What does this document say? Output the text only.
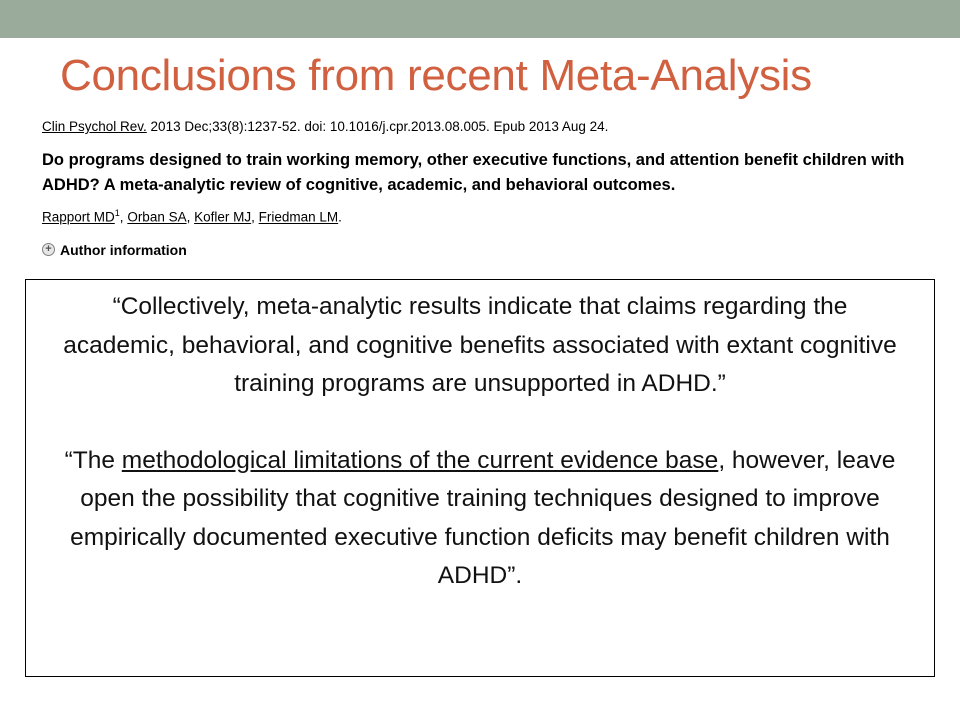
Conclusions from recent Meta-Analysis
Clin Psychol Rev. 2013 Dec;33(8):1237-52. doi: 10.1016/j.cpr.2013.08.005. Epub 2013 Aug 24.
Do programs designed to train working memory, other executive functions, and attention benefit children with ADHD? A meta-analytic review of cognitive, academic, and behavioral outcomes.
Rapport $MD^1$, Orban SA, Kofler MJ, Friedman LM.
+ Author information

“Collectively, meta-analytic results indicate that claims regarding the academic, behavioral, and cognitive benefits associated with extant cognitive training programs are unsupported in ADHD.”

“The methodological limitations of the current evidence base, however, leave open the possibility that cognitive training techniques designed to improve empirically documented executive function deficits may benefit children with ADHD”.
